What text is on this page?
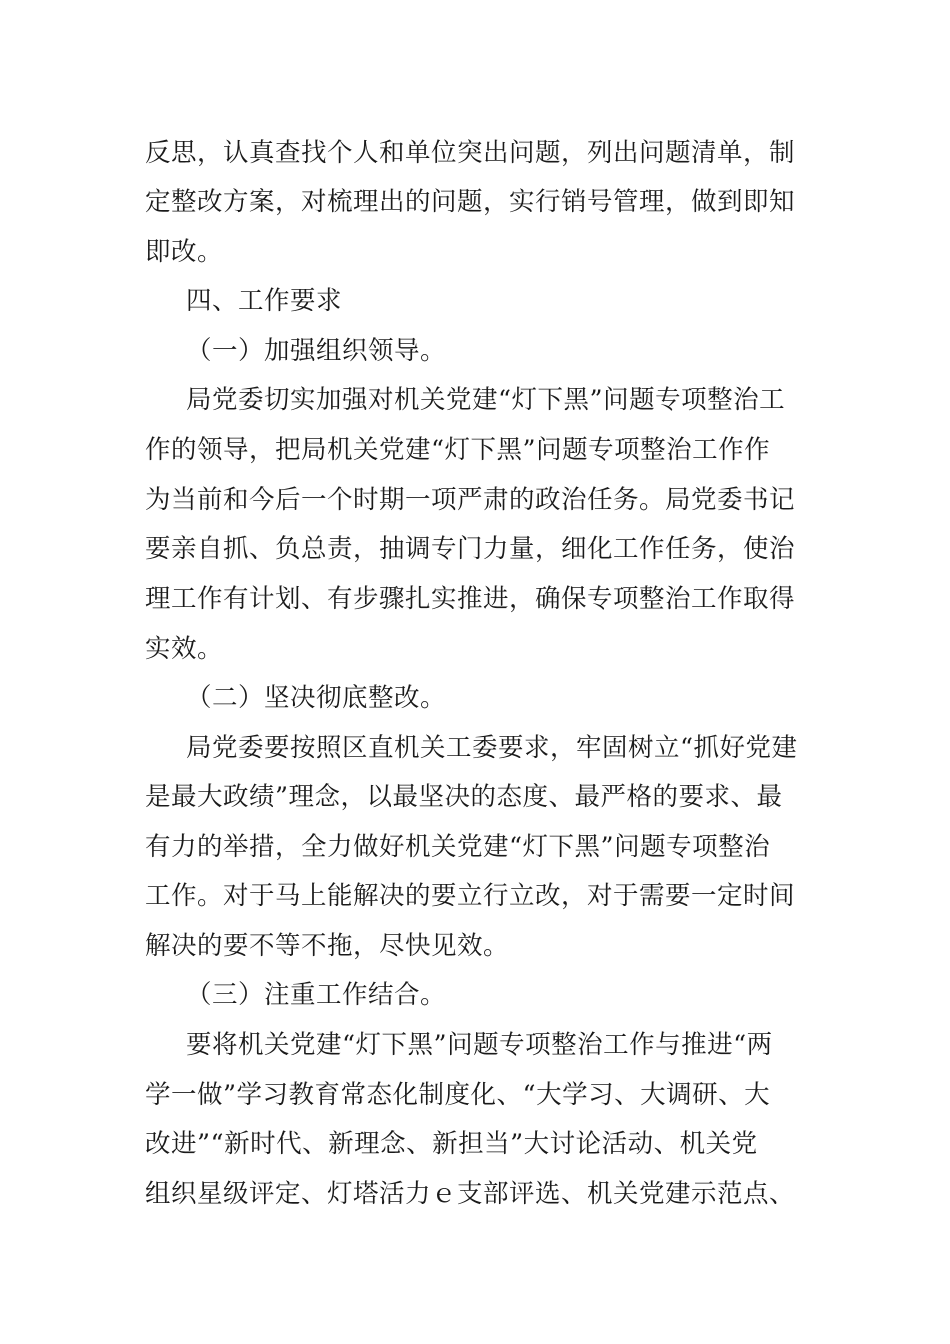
反思，认真查找个人和单位突出问题，列出问题清单，制

定整改方案，对梳理出的问题，实行销号管理，做到即知

即改。

四、工作要求

（一）加强组织领导。

局党委切实加强对机关党建“灯下黑”问题专项整治工

作的领导，把局机关党建“灯下黑”问题专项整治工作作

为当前和今后一个时期一项严肃的政治任务。局党委书记

要亲自抓、负总责，抽调专门力量，细化工作任务，使治

理工作有计划、有步骤扎实推进，确保专项整治工作取得

实效。

（二）坚决彻底整改。

局党委要按照区直机关工委要求，牢固树立“抓好党建

是最大政绩”理念，以最坚决的态度、最严格的要求、最

有力的举措，全力做好机关党建“灯下黑”问题专项整治

工作。对于马上能解决的要立行立改，对于需要一定时间

解决的要不等不拖，尽快见效。

（三）注重工作结合。

要将机关党建“灯下黑”问题专项整治工作与推进“两

学一做”学习教育常态化制度化、“大学习、大调研、大

改进”“新时代、新理念、新担当”大讨论活动、机关党

组织星级评定、灯塔活力ｅ支部评选、机关党建示范点、
